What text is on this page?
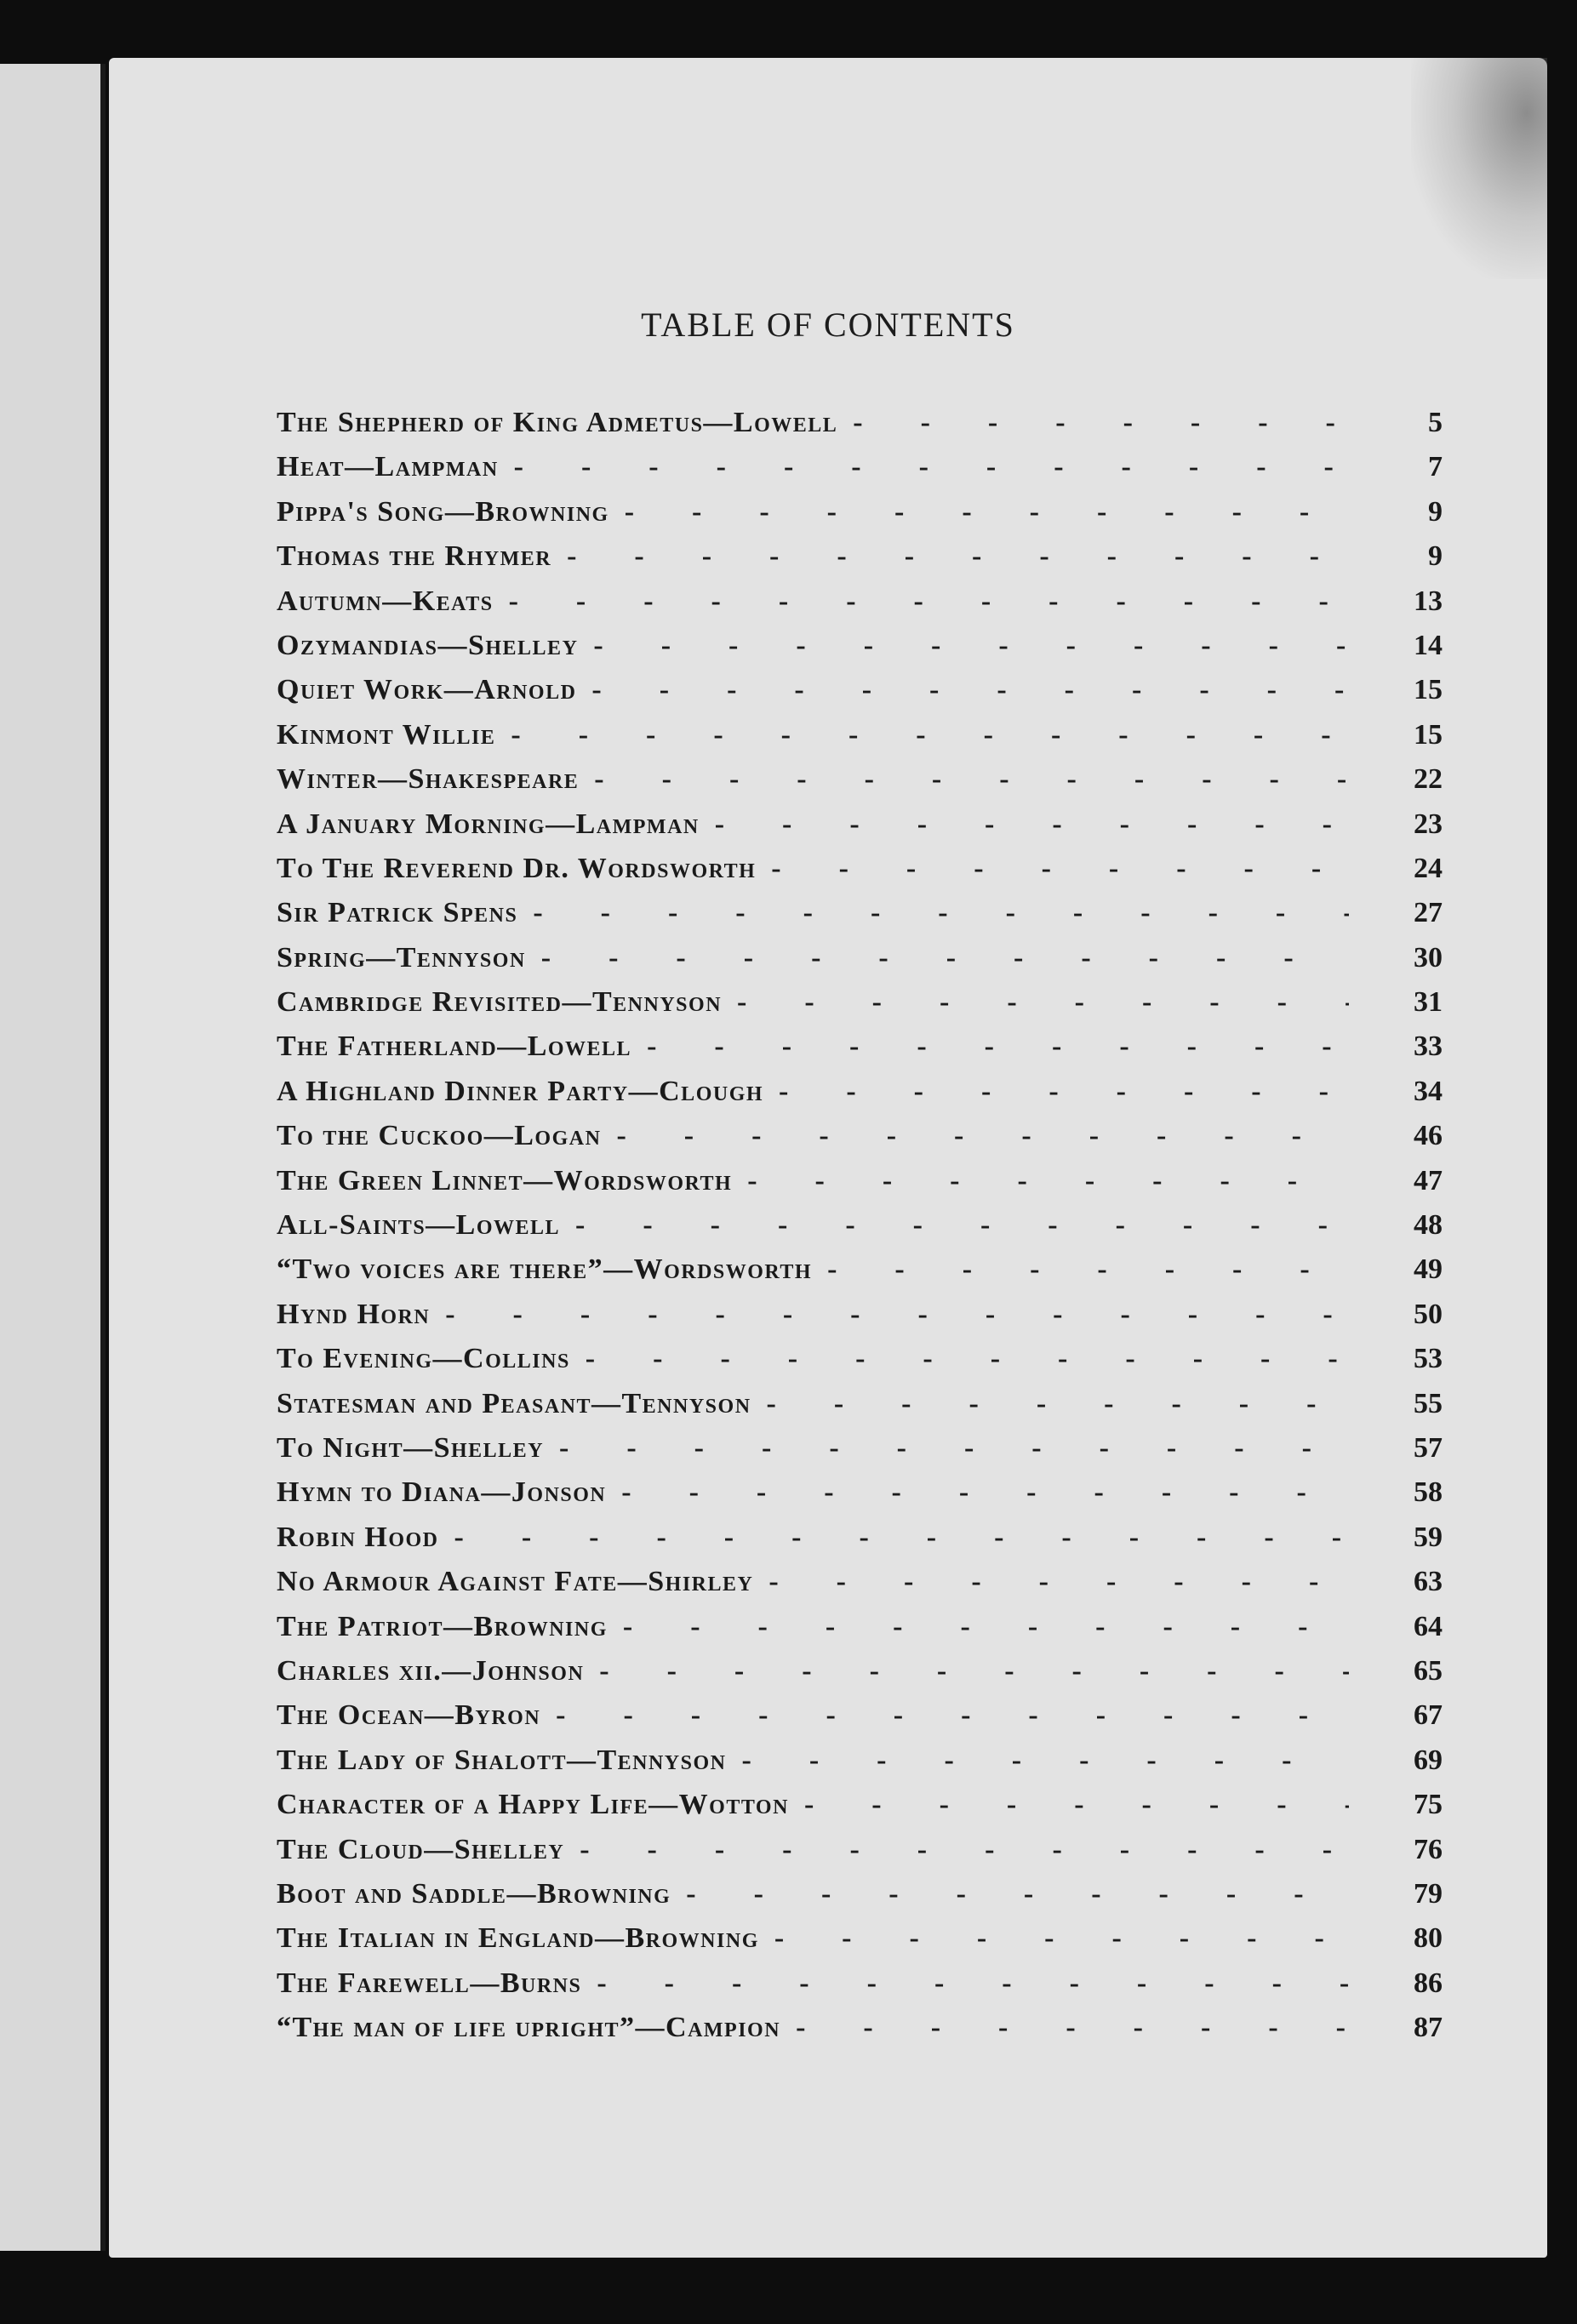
TABLE OF CONTENTS
The Shepherd of King Admetus—Lowell -  - 	5
Heat—Lampman -  - 	7
Pippa's Song—Browning -  - 	9
Thomas the Rhymer -  - 	9
Autumn—Keats -  - 	13
Ozymandias—Shelley -  - 	14
Quiet Work—Arnold -  - 	15
Kinmont Willie -  - 	15
Winter—Shakespeare -  - 	22
A January Morning—Lampman -  - 	23
To The Reverend Dr. Wordsworth -  - 	24
Sir Patrick Spens -  - 	27
Spring—Tennyson -  - 	30
Cambridge Revisited—Tennyson -  - 	31
The Fatherland—Lowell -  - 	33
A Highland Dinner Party—Clough -  - 	34
To the Cuckoo—Logan -  - 	46
The Green Linnet—Wordsworth -  - 	47
All-Saints—Lowell -  - 	48
“Two voices are there”—Wordsworth -  - 	49
Hynd Horn -  - 	50
To Evening—Collins -  - 	53
Statesman and Peasant—Tennyson -  - 	55
To Night—Shelley -  - 	57
Hymn to Diana—Jonson -  - 	58
Robin Hood -  - 	59
No Armour Against Fate—Shirley -  - 	63
The Patriot—Browning -  - 	64
Charles xii.—Johnson -  - 	65
The Ocean—Byron -  - 	67
The Lady of Shalott—Tennyson -  - 	69
Character of a Happy Life—Wotton -  - 	75
The Cloud—Shelley -  - 	76
Boot and Saddle—Browning -  - 	79
The Italian in England—Browning -  - 	80
The Farewell—Burns -  - 	86
“The man of life upright”—Campion -  - 	87
